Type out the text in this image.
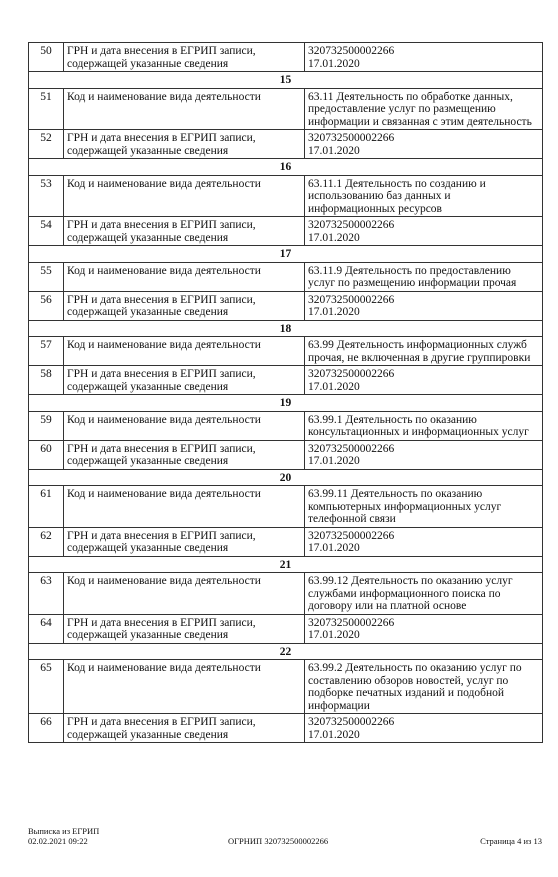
50	ГРН и дата внесения в ЕГРИП записи, содержащей указанные сведения	320732500002266
17.01.2020
15		
51	Код и наименование вида деятельности	63.11 Деятельность по обработке данных, предоставление услуг по размещению информации и связанная с этим деятельность
52	ГРН и дата внесения в ЕГРИП записи, содержащей указанные сведения	320732500002266
17.01.2020
16		
53	Код и наименование вида деятельности	63.11.1 Деятельность по созданию и использованию баз данных и информационных ресурсов
54	ГРН и дата внесения в ЕГРИП записи, содержащей указанные сведения	320732500002266
17.01.2020
17		
55	Код и наименование вида деятельности	63.11.9 Деятельность по предоставлению услуг по размещению информации прочая
56	ГРН и дата внесения в ЕГРИП записи, содержащей указанные сведения	320732500002266
17.01.2020
18		
57	Код и наименование вида деятельности	63.99 Деятельность информационных служб прочая, не включенная в другие группировки
58	ГРН и дата внесения в ЕГРИП записи, содержащей указанные сведения	320732500002266
17.01.2020
19		
59	Код и наименование вида деятельности	63.99.1 Деятельность по оказанию консультационных и информационных услуг
60	ГРН и дата внесения в ЕГРИП записи, содержащей указанные сведения	320732500002266
17.01.2020
20		
61	Код и наименование вида деятельности	63.99.11 Деятельность по оказанию компьютерных информационных услуг телефонной связи
62	ГРН и дата внесения в ЕГРИП записи, содержащей указанные сведения	320732500002266
17.01.2020
21		
63	Код и наименование вида деятельности	63.99.12 Деятельность по оказанию услуг службами информационного поиска по договору или на платной основе
64	ГРН и дата внесения в ЕГРИП записи, содержащей указанные сведения	320732500002266
17.01.2020
22		
65	Код и наименование вида деятельности	63.99.2 Деятельность по оказанию услуг по составлению обзоров новостей, услуг по подборке печатных изданий и подобной информации
66	ГРН и дата внесения в ЕГРИП записи, содержащей указанные сведения	320732500002266
17.01.2020
Выписка из ЕГРИП
02.02.2021 09:22	ОГРНИП 320732500002266	Страница 4 из 13
